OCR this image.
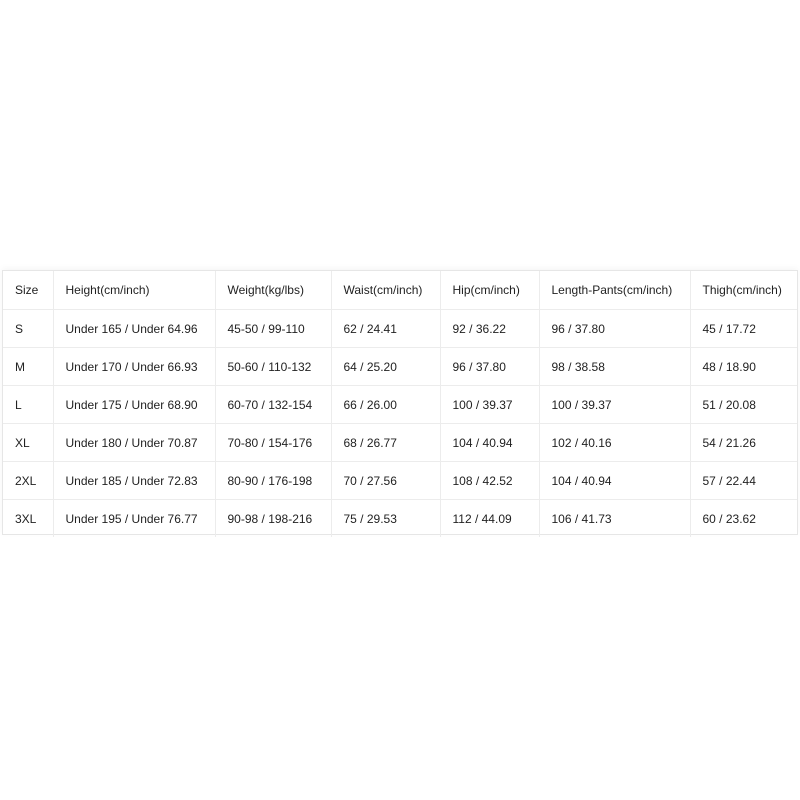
Size	Height(cm/inch)	Weight(kg/lbs)	Waist(cm/inch)	Hip(cm/inch)	Length-Pants(cm/inch)	Thigh(cm/inch)
S	Under 165 / Under 64.96	45-50 / 99-110	62 / 24.41	92 / 36.22	96 / 37.80	45 / 17.72
M	Under 170 / Under 66.93	50-60 / 110-132	64 / 25.20	96 / 37.80	98 / 38.58	48 / 18.90
L	Under 175 / Under 68.90	60-70 / 132-154	66 / 26.00	100 / 39.37	100 / 39.37	51 / 20.08
XL	Under 180 / Under 70.87	70-80 / 154-176	68 / 26.77	104 / 40.94	102 / 40.16	54 / 21.26
2XL	Under 185 / Under 72.83	80-90 / 176-198	70 / 27.56	108 / 42.52	104 / 40.94	57 / 22.44
3XL	Under 195 / Under 76.77	90-98 / 198-216	75 / 29.53	112 / 44.09	106 / 41.73	60 / 23.62
